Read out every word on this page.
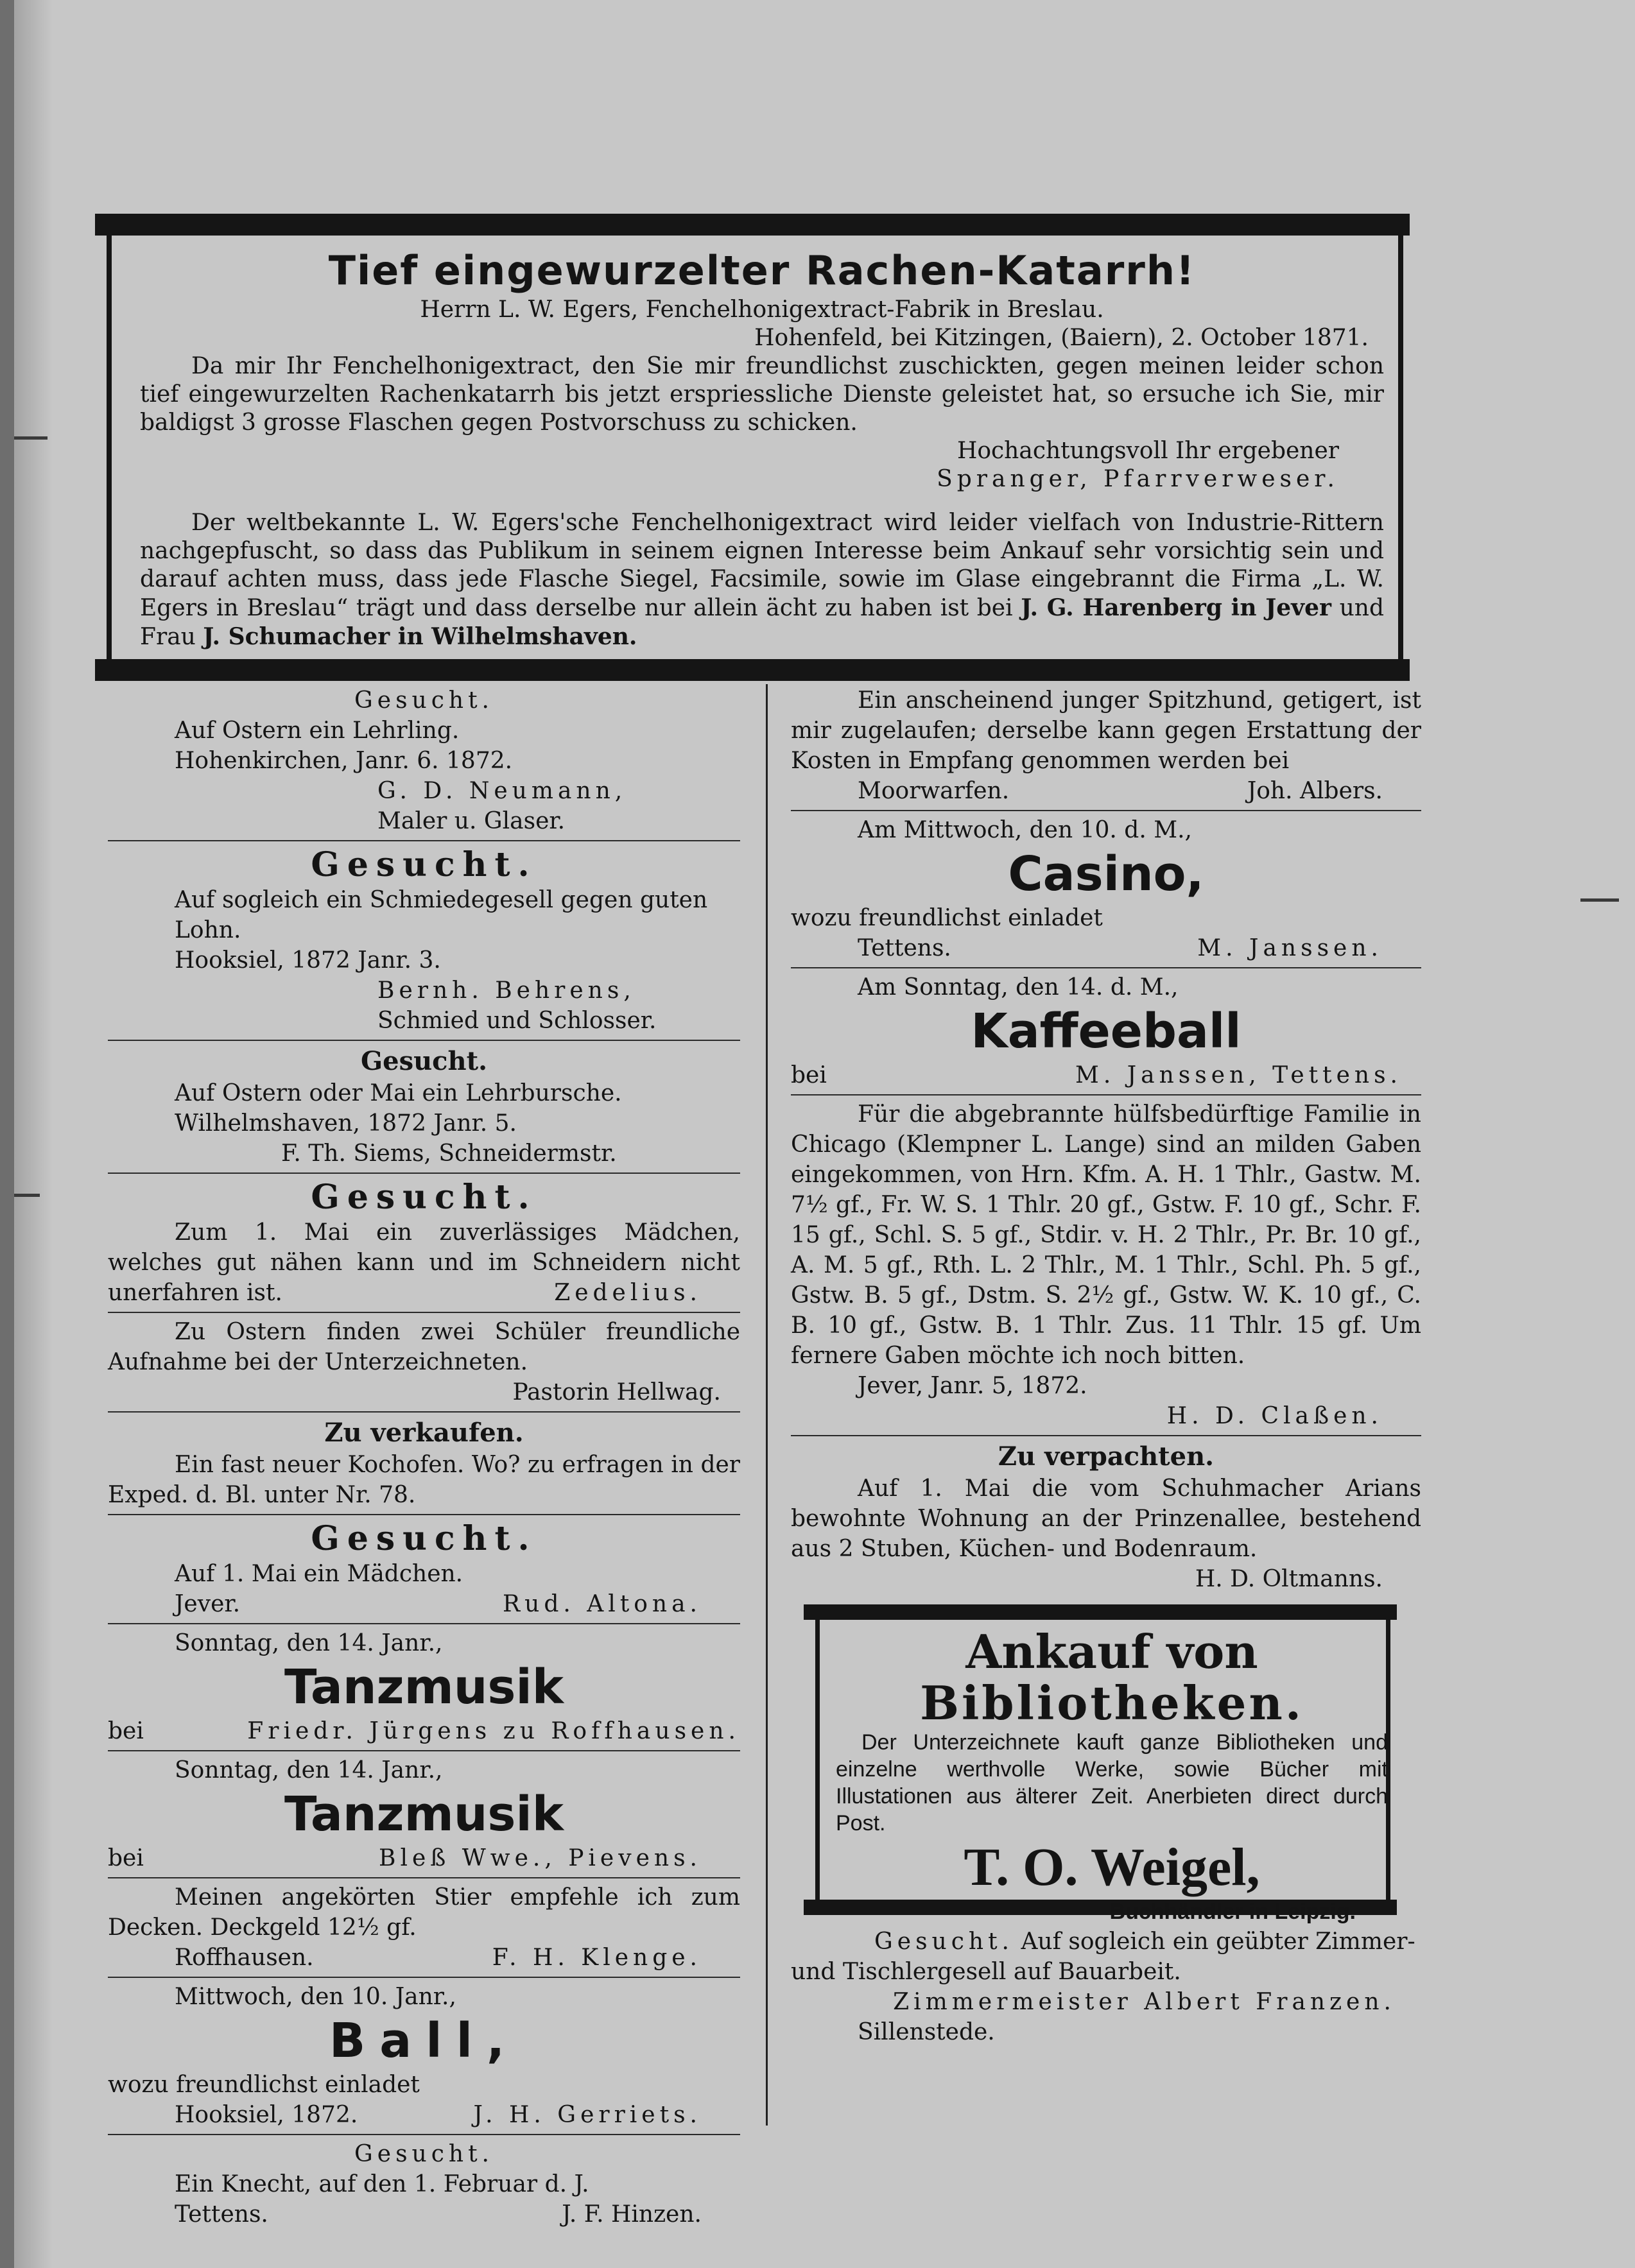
Tief eingewurzelter Rachen-Katarrh!
Herrn L. W. Egers, Fenchelhonigextract-Fabrik in Breslau.
Hohenfeld, bei Kitzingen, (Baiern), 2. October 1871.
Da mir Ihr Fenchelhonigextract, den Sie mir freundlichst zuschickten, gegen meinen leider schon tief eingewurzelten Rachenkatarrh bis jetzt erspriessliche Dienste geleistet hat, so ersuche ich Sie, mir baldigst 3 grosse Flaschen gegen Postvorschuss zu schicken.
Hochachtungsvoll Ihr ergebener
Spranger, Pfarrverweser.
Der weltbekannte L. W. Egers'sche Fenchelhonigextract wird leider vielfach von Industrie-Rittern nachgepfuscht, so dass das Publikum in seinem eignen Interesse beim Ankauf sehr vorsichtig sein und darauf achten muss, dass jede Flasche Siegel, Facsimile, sowie im Glase eingebrannt die Firma „L. W. Egers in Breslau“ trägt und dass derselbe nur allein ächt zu haben ist bei J. G. Harenberg in Jever und Frau J. Schumacher in Wilhelmshaven.
Gesucht.
Auf Ostern ein Lehrling.
Hohenkirchen, Janr. 6. 1872.
G. D. Neumann,
Maler u. Glaser.
Gesucht.
Auf sogleich ein Schmiedegesell gegen guten Lohn.
Hooksiel, 1872 Janr. 3.
Bernh. Behrens,
Schmied und Schlosser.
Gesucht.
Auf Ostern oder Mai ein Lehrbursche.
Wilhelmshaven, 1872 Janr. 5.
F. Th. Siems, Schneidermstr.
Gesucht.
Zum 1. Mai ein zuverlässiges Mädchen, welches gut nähen kann und im Schneidern nicht unerfahren ist.	Zedelius.
Zu Ostern finden zwei Schüler freundliche Aufnahme bei der Unterzeichneten.
Pastorin Hellwag.
Zu verkaufen.
Ein fast neuer Kochofen. Wo? zu erfragen in der Exped. d. Bl. unter Nr. 78.
Gesucht.
Auf 1. Mai ein Mädchen.
Jever.	Rud. Altona.
Sonntag, den 14. Janr.,
Tanzmusik
bei	Friedr. Jürgens zu Roffhausen.
Sonntag, den 14. Janr.,
Tanzmusik
bei	Bleß Wwe., Pievens.
Meinen angekörten Stier empfehle ich zum Decken. Deckgeld 12½ gf.
Roffhausen.	F. H. Klenge.
Mittwoch, den 10. Janr.,
Ball,
wozu freundlichst einladet
Hooksiel, 1872.	J. H. Gerriets.
Gesucht.
Ein Knecht, auf den 1. Februar d. J.
Tettens.	J. F. Hinzen.
Ein anscheinend junger Spitzhund, getigert, ist mir zugelaufen; derselbe kann gegen Erstattung der Kosten in Empfang genommen werden bei
Moorwarfen.	Joh. Albers.
Am Mittwoch, den 10. d. M.,
Casino,
wozu freundlichst einladet
Tettens.	M. Janssen.
Am Sonntag, den 14. d. M.,
Kaffeeball
bei	M. Janssen, Tettens.
Für die abgebrannte hülfsbedürftige Familie in Chicago (Klempner L. Lange) sind an milden Gaben eingekommen, von Hrn. Kfm. A. H. 1 Thlr., Gastw. M. 7½ gf., Fr. W. S. 1 Thlr. 20 gf., Gstw. F. 10 gf., Schr. F. 15 gf., Schl. S. 5 gf., Stdir. v. H. 2 Thlr., Pr. Br. 10 gf., A. M. 5 gf., Rth. L. 2 Thlr., M. 1 Thlr., Schl. Ph. 5 gf., Gstw. B. 5 gf., Dstm. S. 2½ gf., Gstw. W. K. 10 gf., C. B. 10 gf., Gstw. B. 1 Thlr. Zus. 11 Thlr. 15 gf. Um fernere Gaben möchte ich noch bitten.
Jever, Janr. 5, 1872.
H. D. Claßen.
Zu verpachten.
Auf 1. Mai die vom Schuhmacher Arians bewohnte Wohnung an der Prinzenallee, bestehend aus 2 Stuben, Küchen- und Bodenraum.
H. D. Oltmanns.
Ankauf von
Bibliotheken.
Der Unterzeichnete kauft ganze Bibliotheken und einzelne werthvolle Werke, sowie Bücher mit Illustationen aus älterer Zeit. Anerbieten direct durch Post.
T. O. Weigel,
Buchhändler in Leipzig.
Gesucht. Auf sogleich ein geübter Zimmer- und Tischlergesell auf Bauarbeit.
Zimmermeister Albert Franzen.
Sillenstede.
